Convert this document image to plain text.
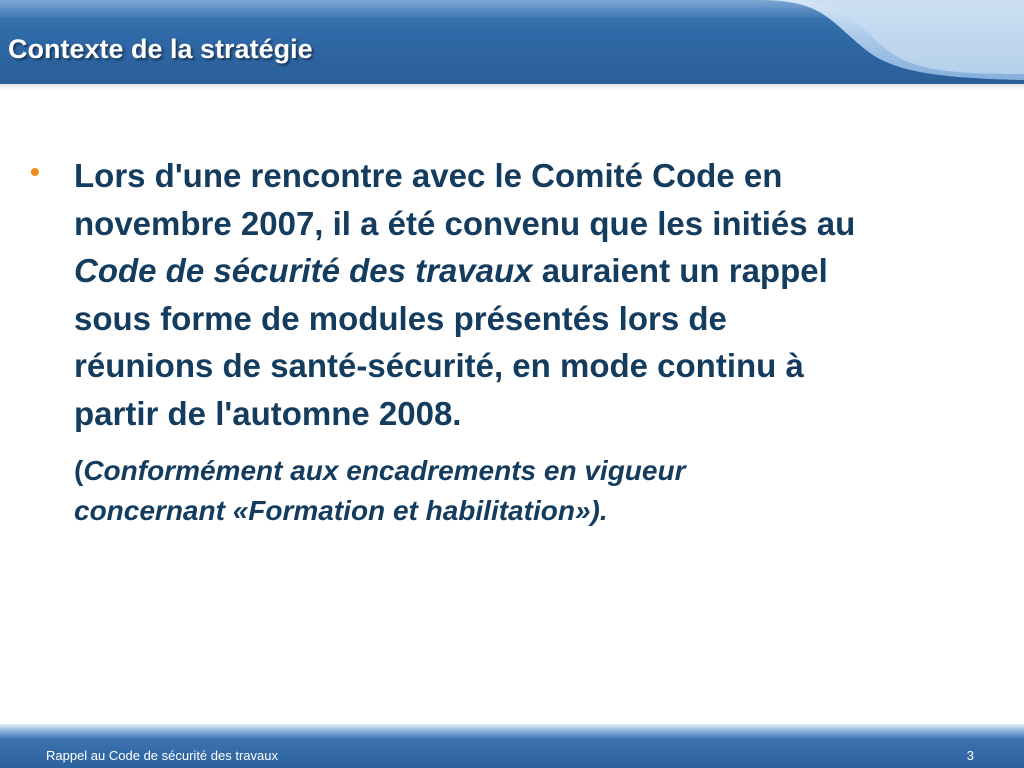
Contexte de la stratégie
• Lors d'une rencontre avec le Comité Code en novembre 2007, il a été convenu que les initiés au Code de sécurité des travaux auraient un rappel sous forme de modules présentés lors de réunions de santé-sécurité, en mode continu à partir de l'automne 2008.
(Conformément aux encadrements en vigueur concernant «Formation et habilitation»).
Rappel au Code de sécurité des travaux	3
